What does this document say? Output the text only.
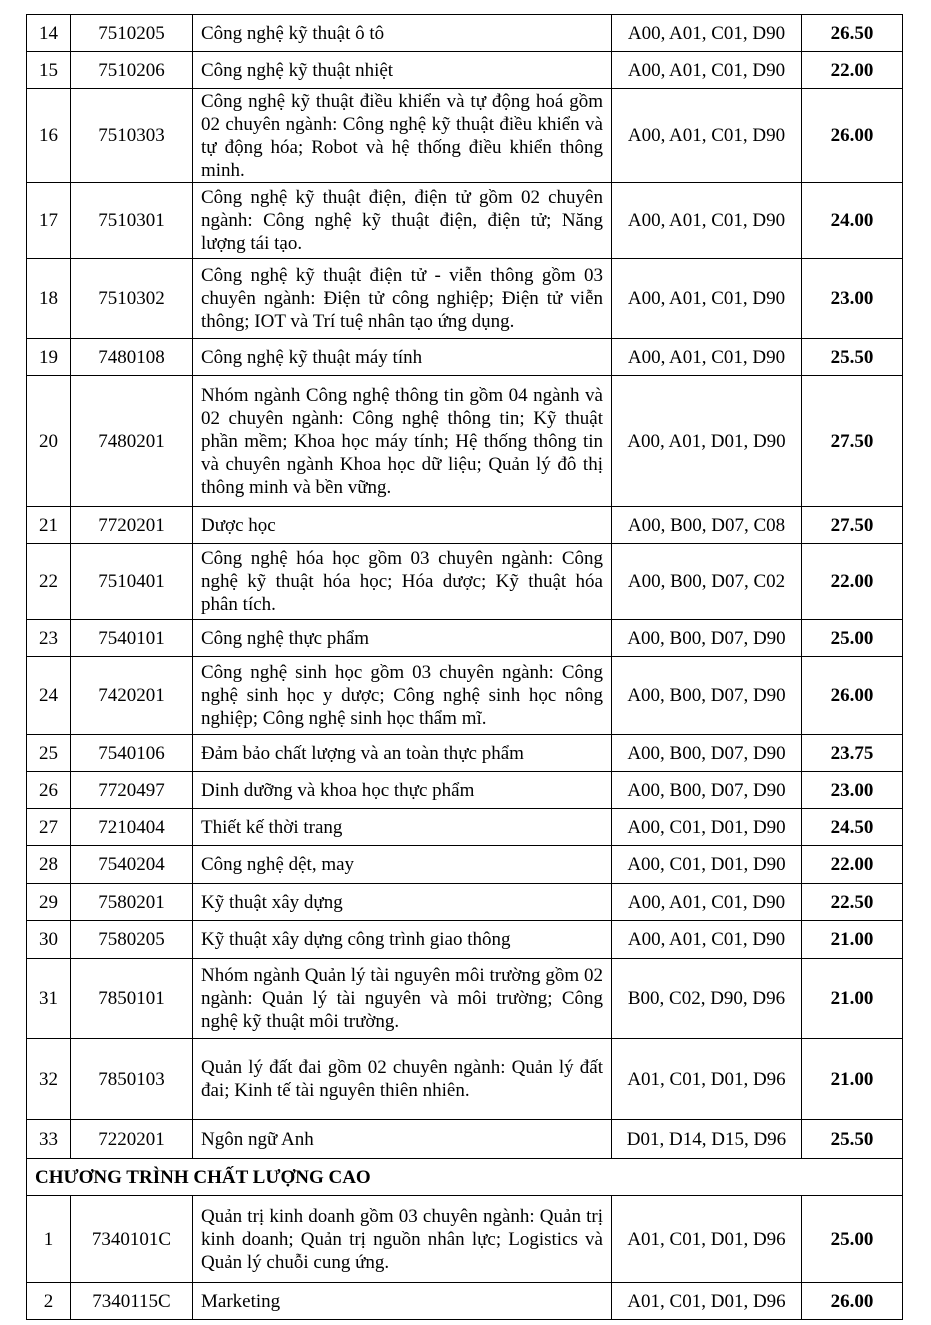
14	7510205	Công nghệ kỹ thuật ô tô	A00, A01, C01, D90	26.50
15	7510206	Công nghệ kỹ thuật nhiệt	A00, A01, C01, D90	22.00
16	7510303	Công nghệ kỹ thuật điều khiển và tự động hoá gồm 02 chuyên ngành: Công nghệ kỹ thuật điều khiển và tự động hóa; Robot và hệ thống điều khiển thông minh.	A00, A01, C01, D90	26.00
17	7510301	Công nghệ kỹ thuật điện, điện tử gồm 02 chuyên ngành: Công nghệ kỹ thuật điện, điện tử; Năng lượng tái tạo.	A00, A01, C01, D90	24.00
18	7510302	Công nghệ kỹ thuật điện tử - viễn thông gồm 03 chuyên ngành: Điện tử công nghiệp; Điện tử viễn thông; IOT và Trí tuệ nhân tạo ứng dụng.	A00, A01, C01, D90	23.00
19	7480108	Công nghệ kỹ thuật máy tính	A00, A01, C01, D90	25.50
20	7480201	Nhóm ngành Công nghệ thông tin gồm 04 ngành và 02 chuyên ngành: Công nghệ thông tin; Kỹ thuật phần mềm; Khoa học máy tính; Hệ thống thông tin và chuyên ngành Khoa học dữ liệu; Quản lý đô thị thông minh và bền vững.	A00, A01, D01, D90	27.50
21	7720201	Dược học	A00, B00, D07, C08	27.50
22	7510401	Công nghệ hóa học gồm 03 chuyên ngành: Công nghệ kỹ thuật hóa học; Hóa dược; Kỹ thuật hóa phân tích.	A00, B00, D07, C02	22.00
23	7540101	Công nghệ thực phẩm	A00, B00, D07, D90	25.00
24	7420201	Công nghệ sinh học gồm 03 chuyên ngành: Công nghệ sinh học y dược; Công nghệ sinh học nông nghiệp; Công nghệ sinh học thẩm mĩ.	A00, B00, D07, D90	26.00
25	7540106	Đảm bảo chất lượng và an toàn thực phẩm	A00, B00, D07, D90	23.75
26	7720497	Dinh dưỡng và khoa học thực phẩm	A00, B00, D07, D90	23.00
27	7210404	Thiết kế thời trang	A00, C01, D01, D90	24.50
28	7540204	Công nghệ dệt, may	A00, C01, D01, D90	22.00
29	7580201	Kỹ thuật xây dựng	A00, A01, C01, D90	22.50
30	7580205	Kỹ thuật xây dựng công trình giao thông	A00, A01, C01, D90	21.00
31	7850101	Nhóm ngành Quản lý tài nguyên môi trường gồm 02 ngành: Quản lý tài nguyên và môi trường; Công nghệ kỹ thuật môi trường.	B00, C02, D90, D96	21.00
32	7850103	Quản lý đất đai gồm 02 chuyên ngành: Quản lý đất đai; Kinh tế tài nguyên thiên nhiên.	A01, C01, D01, D96	21.00
33	7220201	Ngôn ngữ Anh	D01, D14, D15, D96	25.50
CHƯƠNG TRÌNH CHẤT LƯỢNG CAO				
1	7340101C	Quản trị kinh doanh gồm 03 chuyên ngành: Quản trị kinh doanh; Quản trị nguồn nhân lực; Logistics và Quản lý chuỗi cung ứng.	A01, C01, D01, D96	25.00
2	7340115C	Marketing	A01, C01, D01, D96	26.00
